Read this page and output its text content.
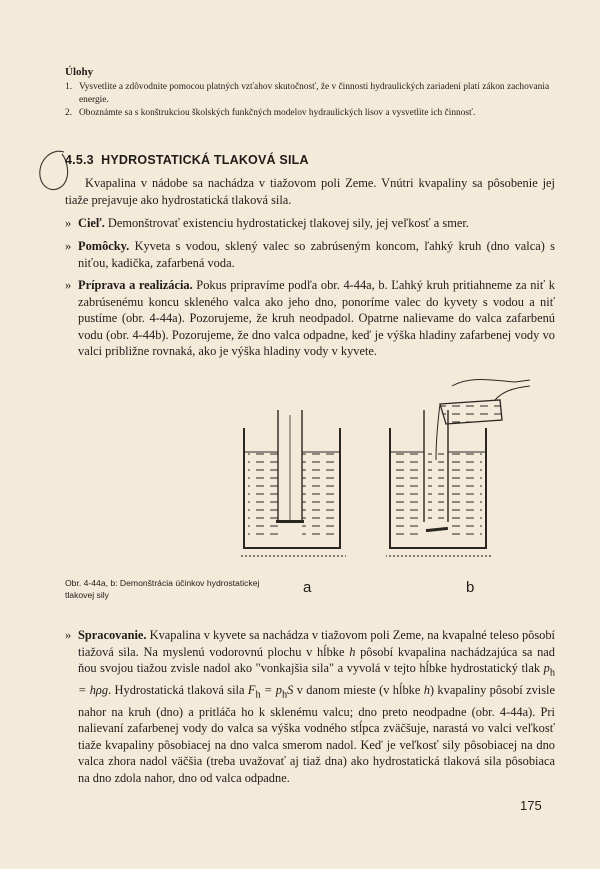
Úlohy
1. Vysvetlite a zdôvodnite pomocou platných vzťahov skutočnosť, že v činnosti hydraulických zariadení platí zákon zachovania energie.
2. Oboznámte sa s konštrukciou školských funkčných modelov hydraulických lisov a vysvetlite ich činnosť.
4.5.3 HYDROSTATICKÁ TLAKOVÁ SILA
Kvapalina v nádobe sa nachádza v tiažovom poli Zeme. Vnútri kvapaliny sa pôsobenie jej tiaže prejavuje ako hydrostatická tlaková sila.
» Cieľ. Demonštrovať existenciu hydrostatickej tlakovej sily, jej veľkosť a smer.
» Pomôcky. Kyveta s vodou, sklený valec so zabrúseným koncom, ľahký kruh (dno valca) s niťou, kadička, zafarbená voda.
» Príprava a realizácia. Pokus pripravíme podľa obr. 4-44a, b. Ľahký kruh pritiahneme za niť k zabrúsenému koncu skleného valca ako jeho dno, ponoríme valec do kyvety s vodou a niť pustíme (obr. 4-44a). Pozorujeme, že kruh neodpadol. Opatrne nalievame do valca zafarbenú vodu (obr. 4-44b). Pozorujeme, že dno valca odpadne, keď je výška hladiny zafarbenej vody vo valci približne rovnaká, ako je výška hladiny vody v kyvete.
Obr. 4-44a, b: Demonštrácia účinkov hydrostatickej tlakovej sily	a	b
» Spracovanie. Kvapalina v kyvete sa nachádza v tiažovom poli Zeme, na kvapalné teleso pôsobí tiažová sila. Na myslenú vodorovnú plochu v hĺbke h pôsobí kvapalina nachádzajúca sa nad ňou svojou tiažou zvisle nadol ako "vonkajšia sila" a vyvolá v tejto hĺbke hydrostatický tlak $p_h = h\rho g$. Hydrostatická tlaková sila $F_h = p_hS$ v danom mieste (v hĺbke h) kvapaliny pôsobí zvisle nahor na kruh (dno) a pritláča ho k sklenému valcu; dno preto neodpadne (obr. 4-44a). Pri nalievaní zafarbenej vody do valca sa výška vodného stĺpca zväčšuje, narastá vo valci veľkosť tiaže kvapaliny pôsobiacej na dno valca smerom nadol. Keď je veľkosť sily pôsobiacej na dno valca zhora nadol väčšia (treba uvažovať aj tiaž dna) ako hydrostatická tlaková sila pôsobiaca na dno zdola nahor, dno od valca odpadne.
175
